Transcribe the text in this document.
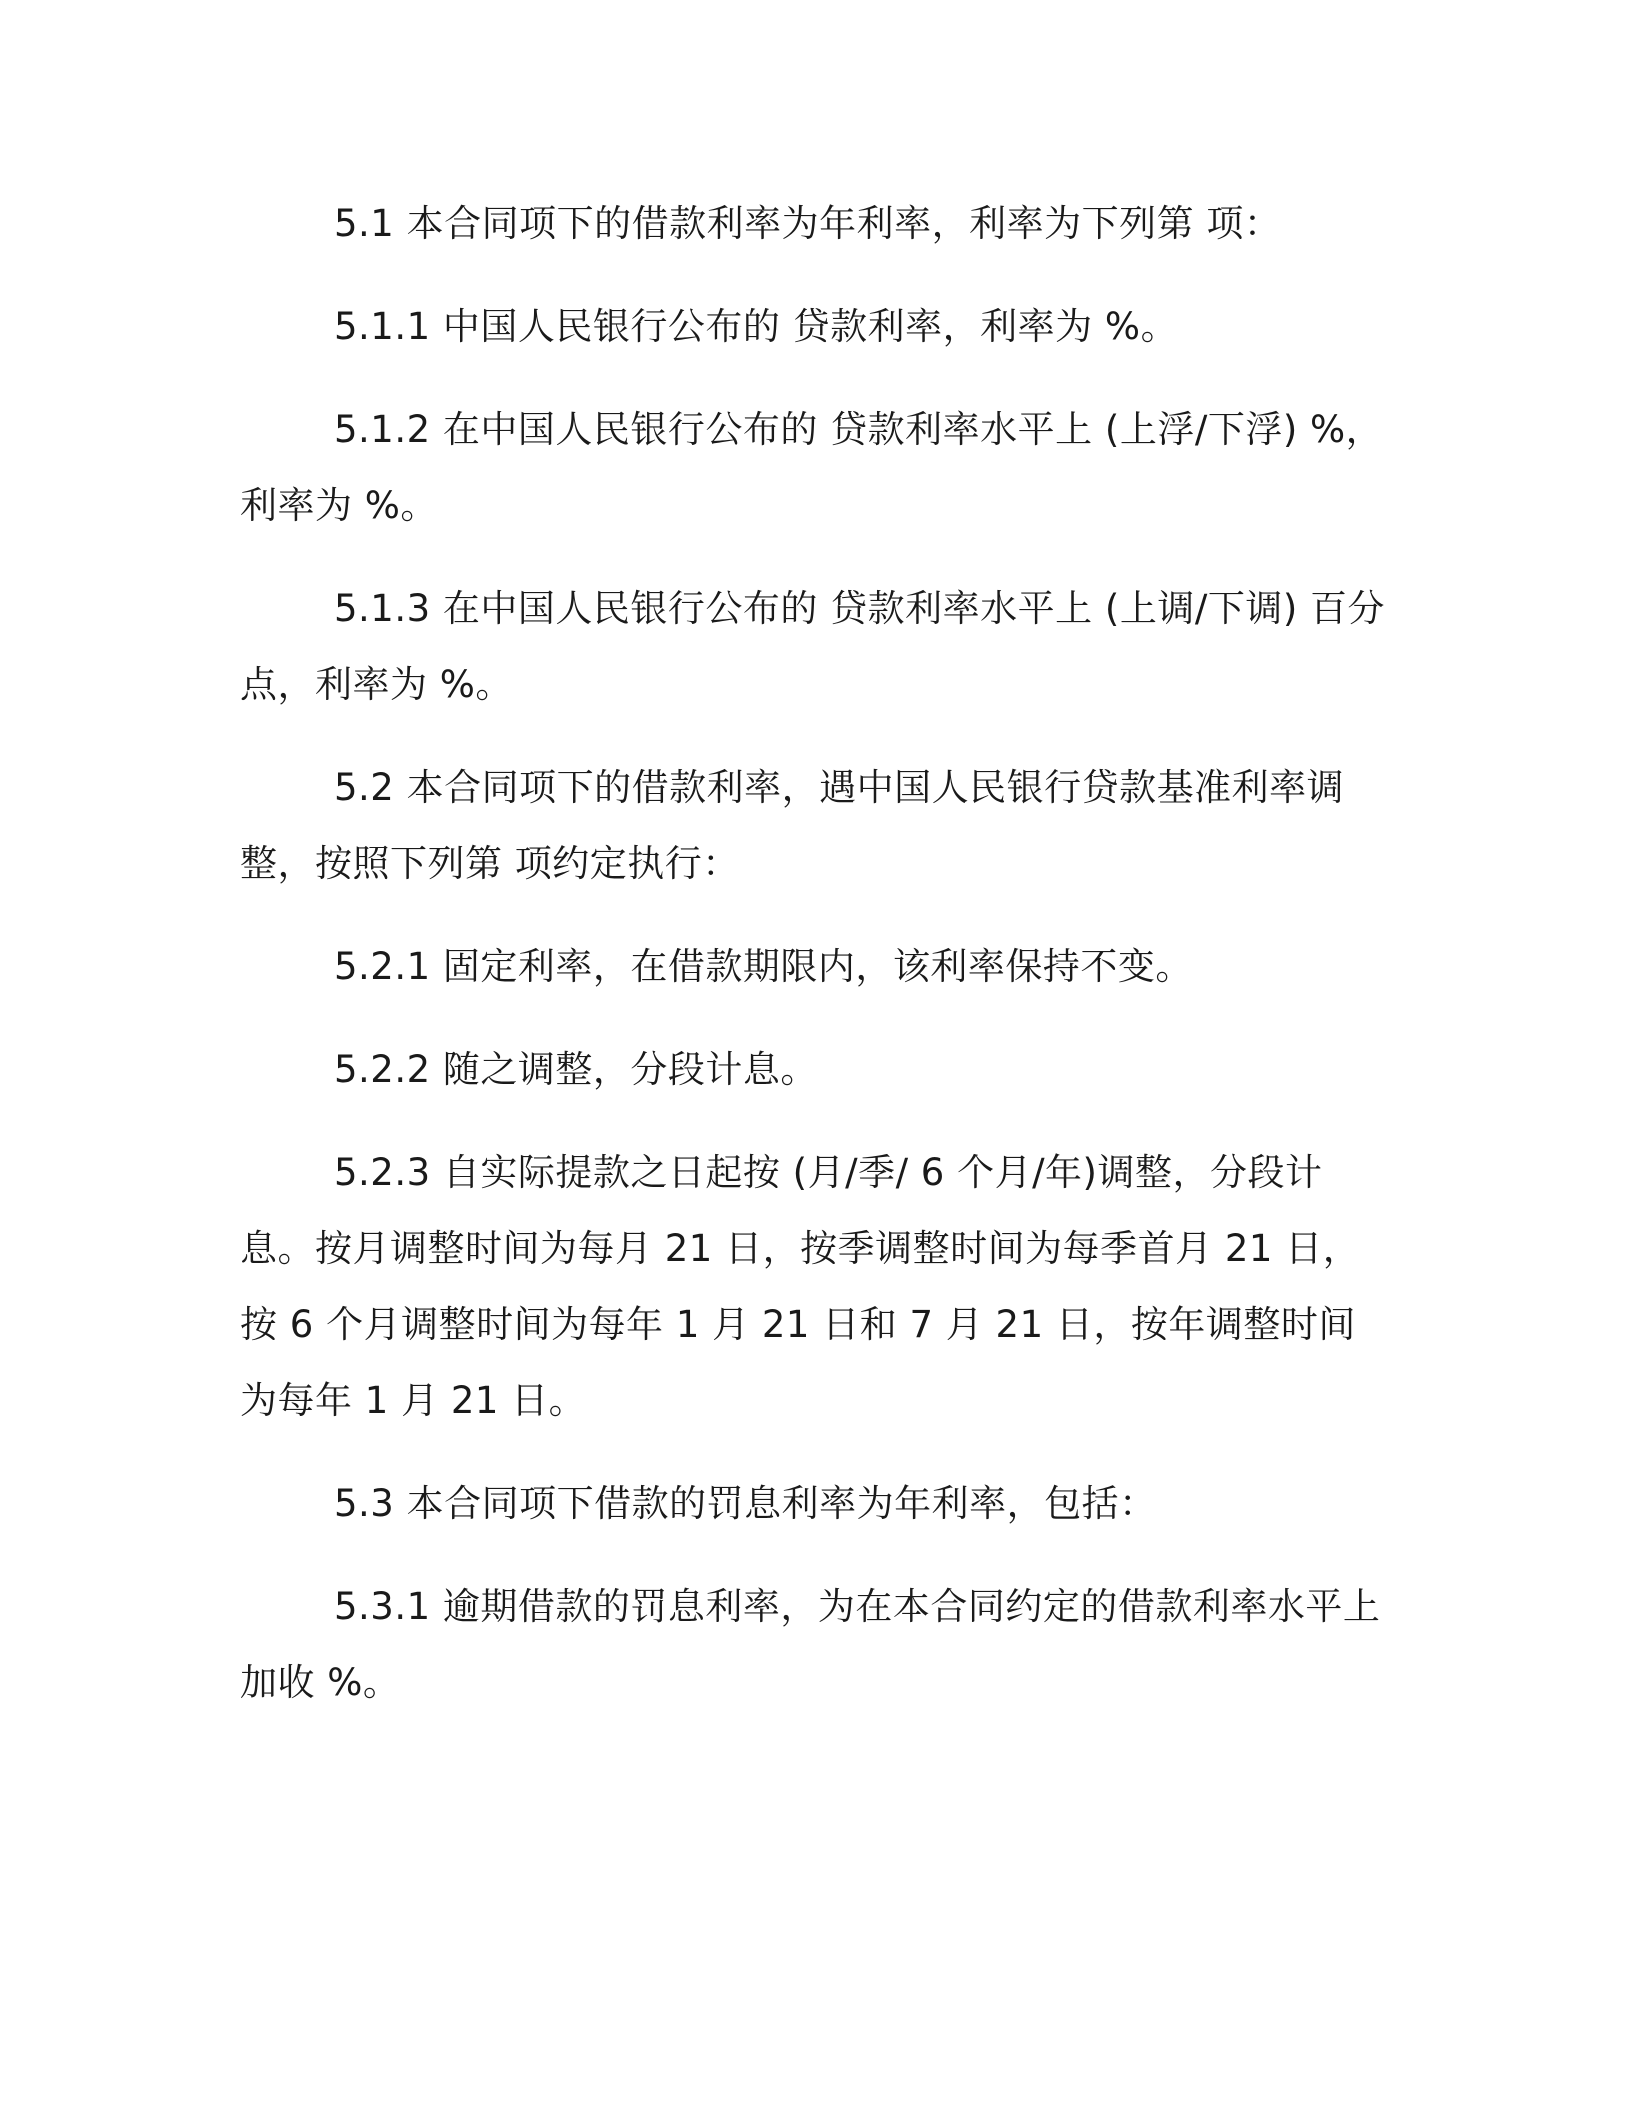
5.1 本合同项下的借款利率为年利率，利率为下列第 项：

5.1.1 中国人民银行公布的 贷款利率，利率为 %。

5.1.2 在中国人民银行公布的 贷款利率水平上 (上浮/下浮) %，利率为 %。

5.1.3 在中国人民银行公布的 贷款利率水平上 (上调/下调) 百分点，利率为 %。

5.2 本合同项下的借款利率，遇中国人民银行贷款基准利率调整，按照下列第 项约定执行：

5.2.1 固定利率，在借款期限内，该利率保持不变。

5.2.2 随之调整，分段计息。

5.2.3 自实际提款之日起按 (月/季/ 6 个月/年)调整，分段计息。按月调整时间为每月 21 日，按季调整时间为每季首月 21 日，按 6 个月调整时间为每年 1 月 21 日和 7 月 21 日，按年调整时间为每年 1 月 21 日。

5.3 本合同项下借款的罚息利率为年利率，包括：

5.3.1 逾期借款的罚息利率，为在本合同约定的借款利率水平上加收 %。
